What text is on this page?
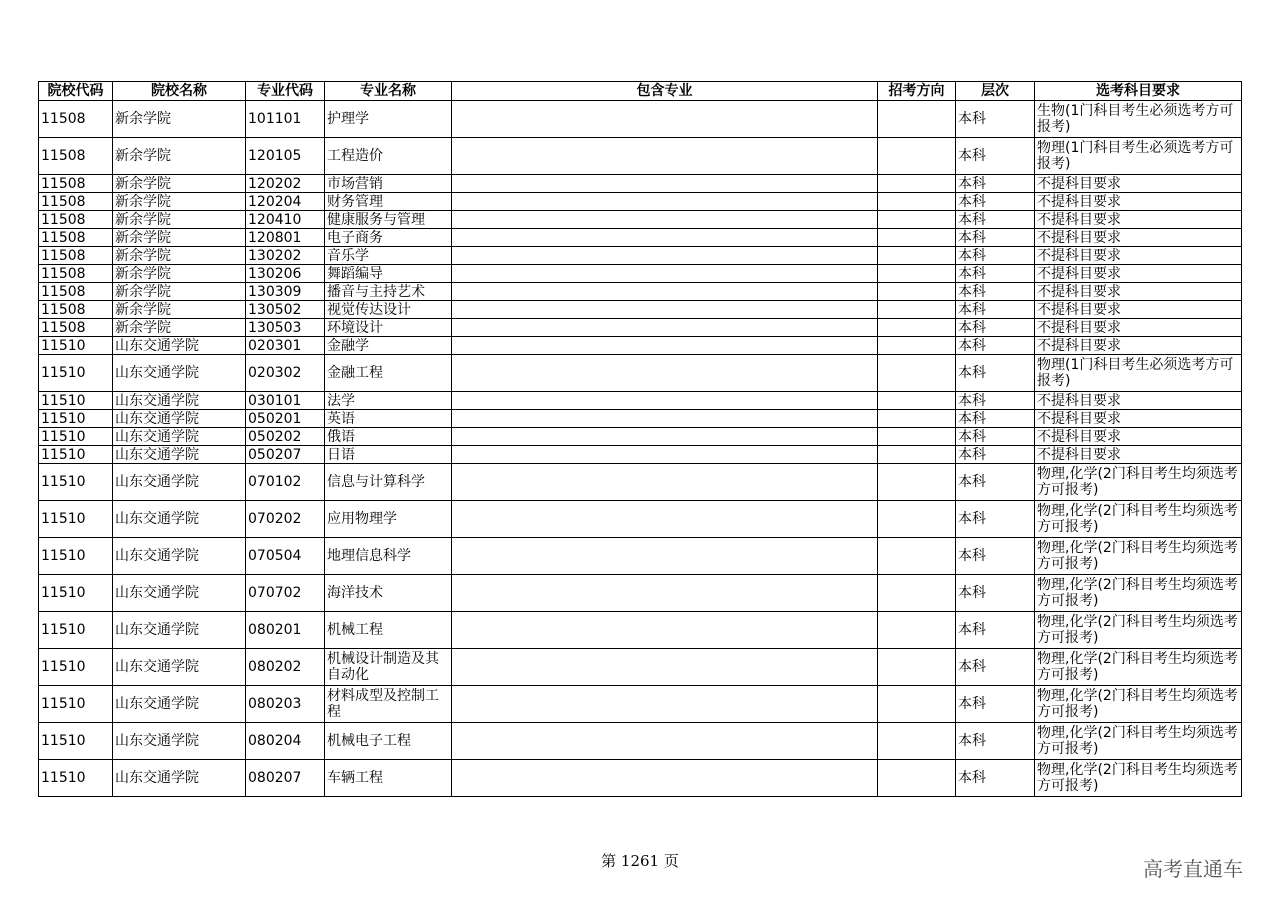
院校代码	院校名称	专业代码	专业名称	包含专业	招考方向	层次	选考科目要求
11508	新余学院	101101	护理学			本科	生物(1门科目考生必须选考方可报考)
11508	新余学院	120105	工程造价			本科	物理(1门科目考生必须选考方可报考)
11508	新余学院	120202	市场营销			本科	不提科目要求
11508	新余学院	120204	财务管理			本科	不提科目要求
11508	新余学院	120410	健康服务与管理			本科	不提科目要求
11508	新余学院	120801	电子商务			本科	不提科目要求
11508	新余学院	130202	音乐学			本科	不提科目要求
11508	新余学院	130206	舞蹈编导			本科	不提科目要求
11508	新余学院	130309	播音与主持艺术			本科	不提科目要求
11508	新余学院	130502	视觉传达设计			本科	不提科目要求
11508	新余学院	130503	环境设计			本科	不提科目要求
11510	山东交通学院	020301	金融学			本科	不提科目要求
11510	山东交通学院	020302	金融工程			本科	物理(1门科目考生必须选考方可报考)
11510	山东交通学院	030101	法学			本科	不提科目要求
11510	山东交通学院	050201	英语			本科	不提科目要求
11510	山东交通学院	050202	俄语			本科	不提科目要求
11510	山东交通学院	050207	日语			本科	不提科目要求
11510	山东交通学院	070102	信息与计算科学			本科	物理,化学(2门科目考生均须选考方可报考)
11510	山东交通学院	070202	应用物理学			本科	物理,化学(2门科目考生均须选考方可报考)
11510	山东交通学院	070504	地理信息科学			本科	物理,化学(2门科目考生均须选考方可报考)
11510	山东交通学院	070702	海洋技术			本科	物理,化学(2门科目考生均须选考方可报考)
11510	山东交通学院	080201	机械工程			本科	物理,化学(2门科目考生均须选考方可报考)
11510	山东交通学院	080202	机械设计制造及其自动化			本科	物理,化学(2门科目考生均须选考方可报考)
11510	山东交通学院	080203	材料成型及控制工程			本科	物理,化学(2门科目考生均须选考方可报考)
11510	山东交通学院	080204	机械电子工程			本科	物理,化学(2门科目考生均须选考方可报考)
11510	山东交通学院	080207	车辆工程			本科	物理,化学(2门科目考生均须选考方可报考)
第 1261 页	高考直通车
